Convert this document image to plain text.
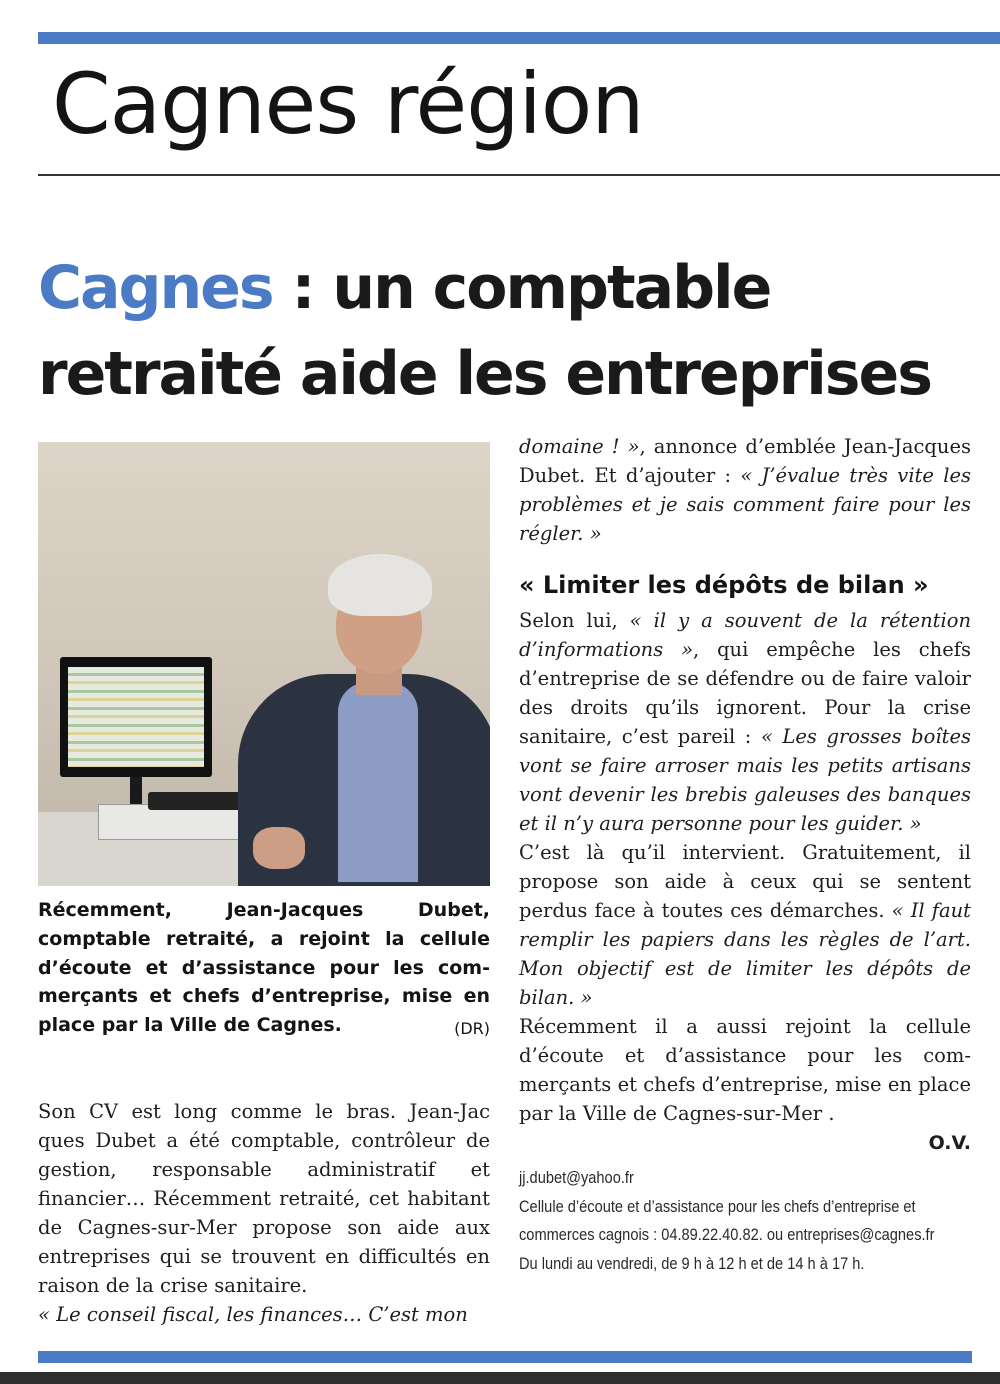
Cagnes région
Cagnes : un comptable retraité aide les entreprises

Récemment, Jean-Jacques Dubet, comptable retraité, a rejoint la cellule d’écoute et d’assistance pour les commerçants et chefs d’entreprise, mise en place par la Ville de Cagnes.	(DR)

Son CV est long comme le bras. Jean-Jac ques Dubet a été comptable, contrôleur de gestion, responsable administratif et financier… Récemment retraité, cet habitant de Cagnes-sur-Mer propose son aide aux entreprises qui se trouvent en difficultés en raison de la crise sanitaire.
« Le conseil fiscal, les finances… C’est mon

domaine ! », annonce d’emblée Jean-Jacques Dubet. Et d’ajouter : « J’évalue très vite les problèmes et je sais comment faire pour les régler. »

« Limiter les dépôts de bilan »

Selon lui, « il y a souvent de la rétention d’informations », qui empêche les chefs d’entreprise de se défendre ou de faire valoir des droits qu’ils ignorent. Pour la crise sanitaire, c’est pareil : « Les grosses boîtes vont se faire arroser mais les petits artisans vont devenir les brebis galeuses des banques et il n’y aura personne pour les guider. »

C’est là qu’il intervient. Gratuitement, il propose son aide à ceux qui se sentent perdus face à toutes ces démarches. « Il faut remplir les papiers dans les règles de l’art. Mon objectif est de limiter les dépôts de bilan. »

Récemment il a aussi rejoint la cellule d’écoute et d’assistance pour les commerçants et chefs d’entreprise, mise en place par la Ville de Cagnes-sur-Mer .

O.V.

jj.dubet@yahoo.fr
Cellule d’écoute et d’assistance pour les chefs d’entreprise et
commerces cagnois : 04.89.22.40.82. ou entreprises@cagnes.fr
Du lundi au vendredi, de 9 h à 12 h et de 14 h à 17 h.
